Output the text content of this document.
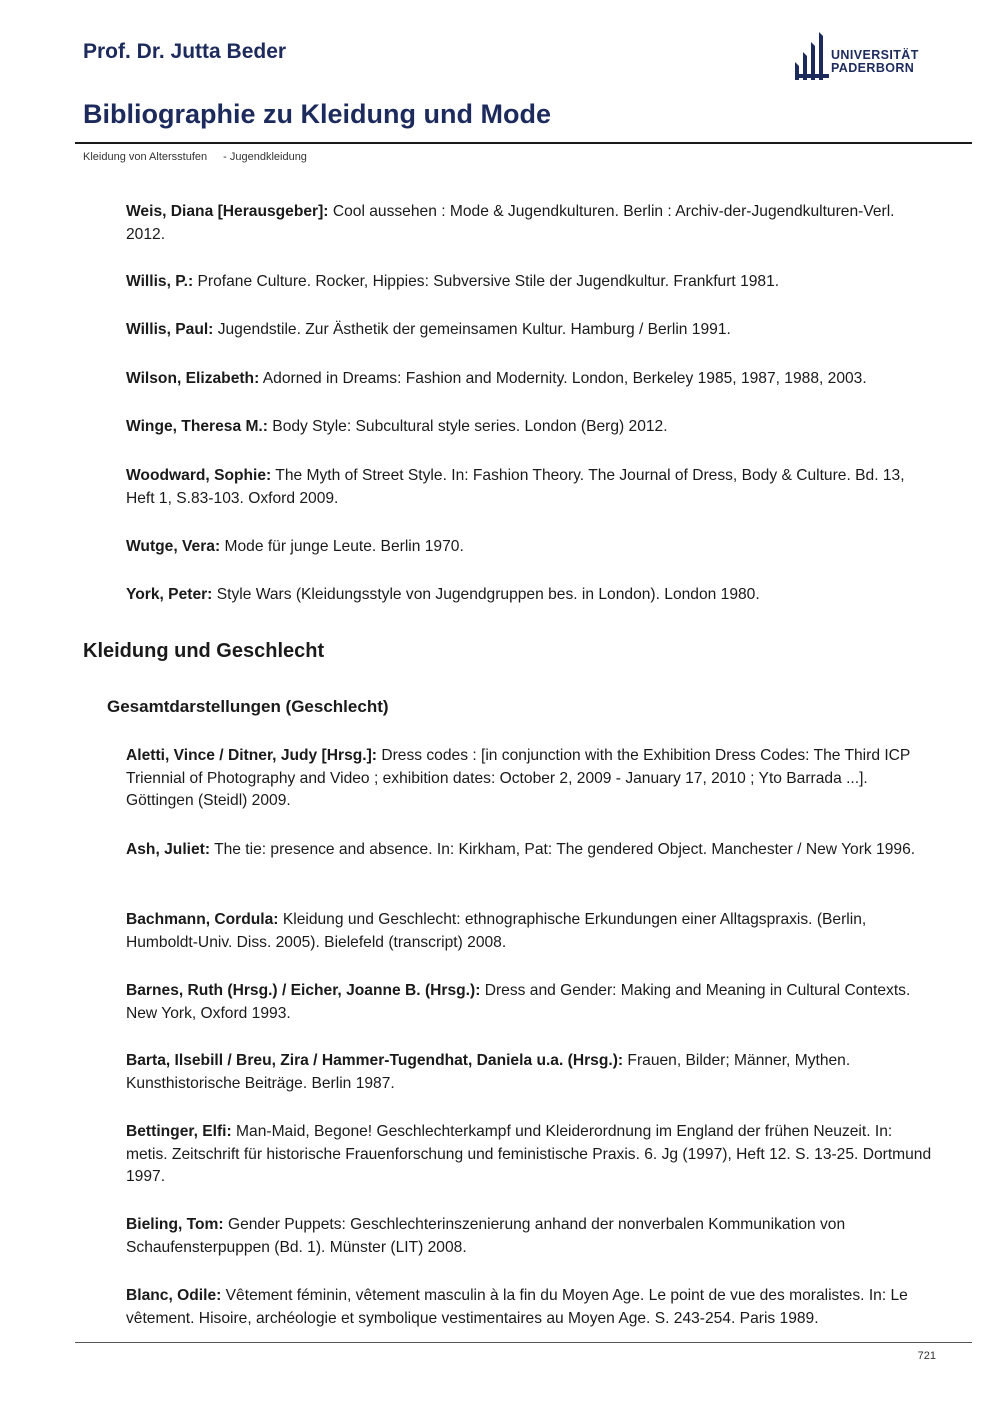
Prof. Dr. Jutta Beder	UNIVERSITÄT
PADERBORN
Bibliographie zu Kleidung und Mode
Kleidung von Altersstufen - Jugendkleidung
Weis, Diana [Herausgeber]: Cool aussehen : Mode & Jugendkulturen. Berlin : Archiv-der-Jugendkulturen-Verl. 2012.
Willis, P.: Profane Culture. Rocker, Hippies: Subversive Stile der Jugendkultur. Frankfurt 1981.
Willis, Paul: Jugendstile. Zur Ästhetik der gemeinsamen Kultur. Hamburg / Berlin 1991.
Wilson, Elizabeth: Adorned in Dreams: Fashion and Modernity. London, Berkeley 1985, 1987, 1988, 2003.
Winge, Theresa M.: Body Style: Subcultural style series. London (Berg) 2012.
Woodward, Sophie: The Myth of Street Style. In: Fashion Theory. The Journal of Dress, Body & Culture. Bd. 13, Heft 1, S.83-103. Oxford 2009.
Wutge, Vera: Mode für junge Leute. Berlin 1970.
York, Peter: Style Wars (Kleidungsstyle von Jugendgruppen bes. in London). London 1980.
Kleidung und Geschlecht
Gesamtdarstellungen (Geschlecht)
Aletti, Vince / Ditner, Judy [Hrsg.]: Dress codes : [in conjunction with the Exhibition Dress Codes: The Third ICP Triennial of Photography and Video ; exhibition dates: October 2, 2009 - January 17, 2010 ; Yto Barrada ...]. Göttingen (Steidl) 2009.
Ash, Juliet: The tie: presence and absence. In: Kirkham, Pat: The gendered Object. Manchester / New York 1996.
Bachmann, Cordula: Kleidung und Geschlecht: ethnographische Erkundungen einer Alltagspraxis. (Berlin, Humboldt-Univ. Diss. 2005). Bielefeld (transcript) 2008.
Barnes, Ruth (Hrsg.) / Eicher, Joanne B. (Hrsg.): Dress and Gender: Making and Meaning in Cultural Contexts. New York, Oxford 1993.
Barta, Ilsebill / Breu, Zira / Hammer-Tugendhat, Daniela u.a. (Hrsg.): Frauen, Bilder; Männer, Mythen. Kunsthistorische Beiträge. Berlin 1987.
Bettinger, Elfi: Man-Maid, Begone! Geschlechterkampf und Kleiderordnung im England der frühen Neuzeit. In: metis. Zeitschrift für historische Frauenforschung und feministische Praxis. 6. Jg (1997), Heft 12. S. 13-25. Dortmund 1997.
Bieling, Tom: Gender Puppets: Geschlechterinszenierung anhand der nonverbalen Kommunikation von Schaufensterpuppen (Bd. 1). Münster (LIT) 2008.
Blanc, Odile: Vêtement féminin, vêtement masculin à la fin du Moyen Age. Le point de vue des moralistes. In: Le vêtement. Hisoire, archéologie et symbolique vestimentaires au Moyen Age. S. 243-254. Paris 1989.
721
